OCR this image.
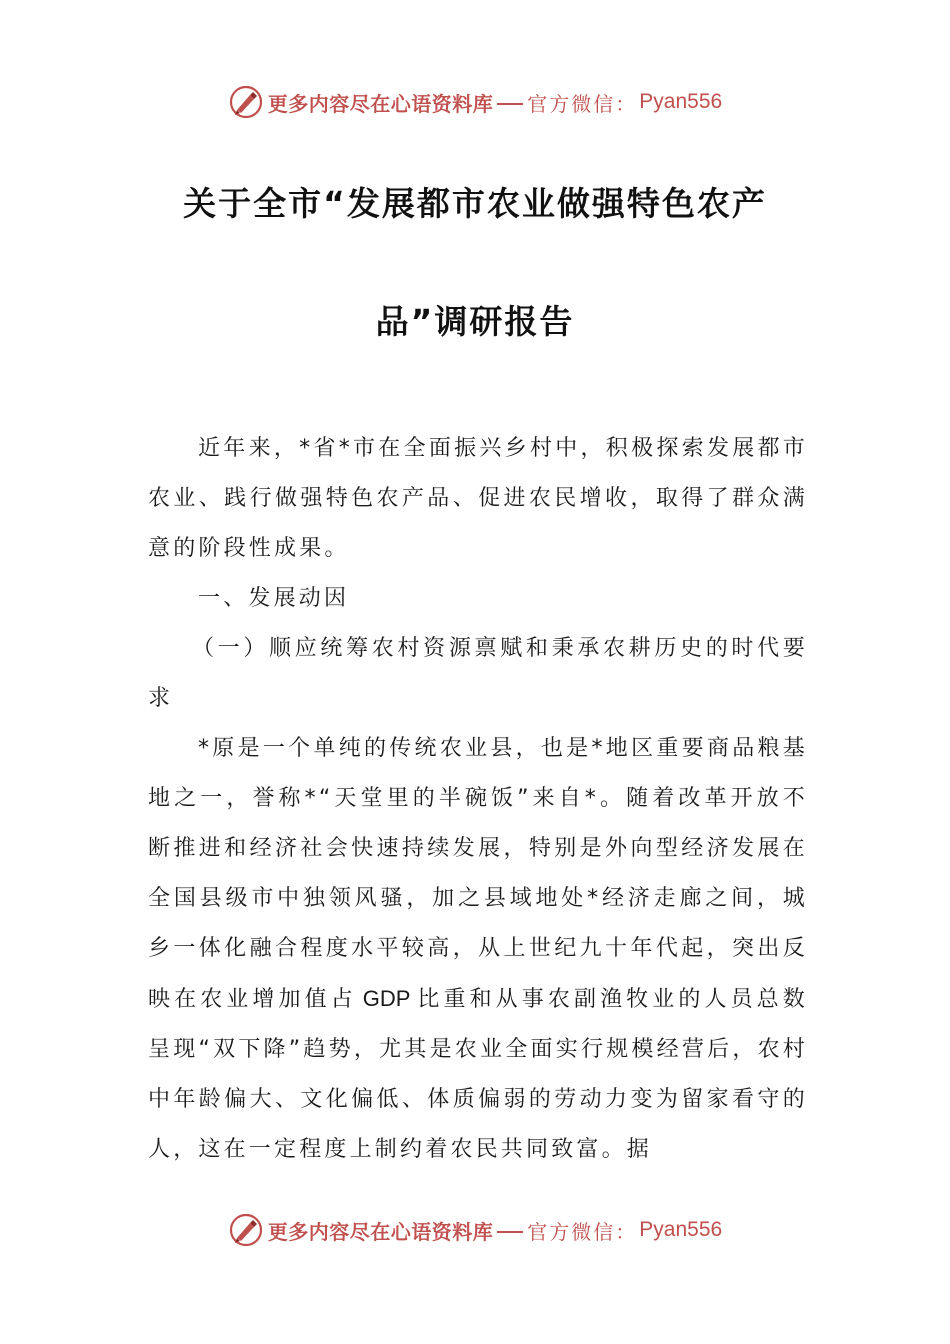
更多内容尽在心语资料库 官方微信： Pyan556
关于全市“发展都市农业做强特色农产
品”调研报告
近年来，*省*市在全面振兴乡村中，积极探索发展都市农业、践行做强特色农产品、促进农民增收，取得了群众满意的阶段性成果。
一、发展动因
（一）顺应统筹农村资源禀赋和秉承农耕历史的时代要求
*原是一个单纯的传统农业县，也是*地区重要商品粮基地之一，誉称*“天堂里的半碗饭”来自*。随着改革开放不断推进和经济社会快速持续发展，特别是外向型经济发展在全国县级市中独领风骚，加之县域地处*经济走廊之间，城乡一体化融合程度水平较高，从上世纪九十年代起，突出反映在农业增加值占 GDP 比重和从事农副渔牧业的人员总数呈现“双下降”趋势，尤其是农业全面实行规模经营后，农村中年龄偏大、文化偏低、体质偏弱的劳动力变为留家看守的人，这在一定程度上制约着农民共同致富。据
更多内容尽在心语资料库 官方微信： Pyan556
